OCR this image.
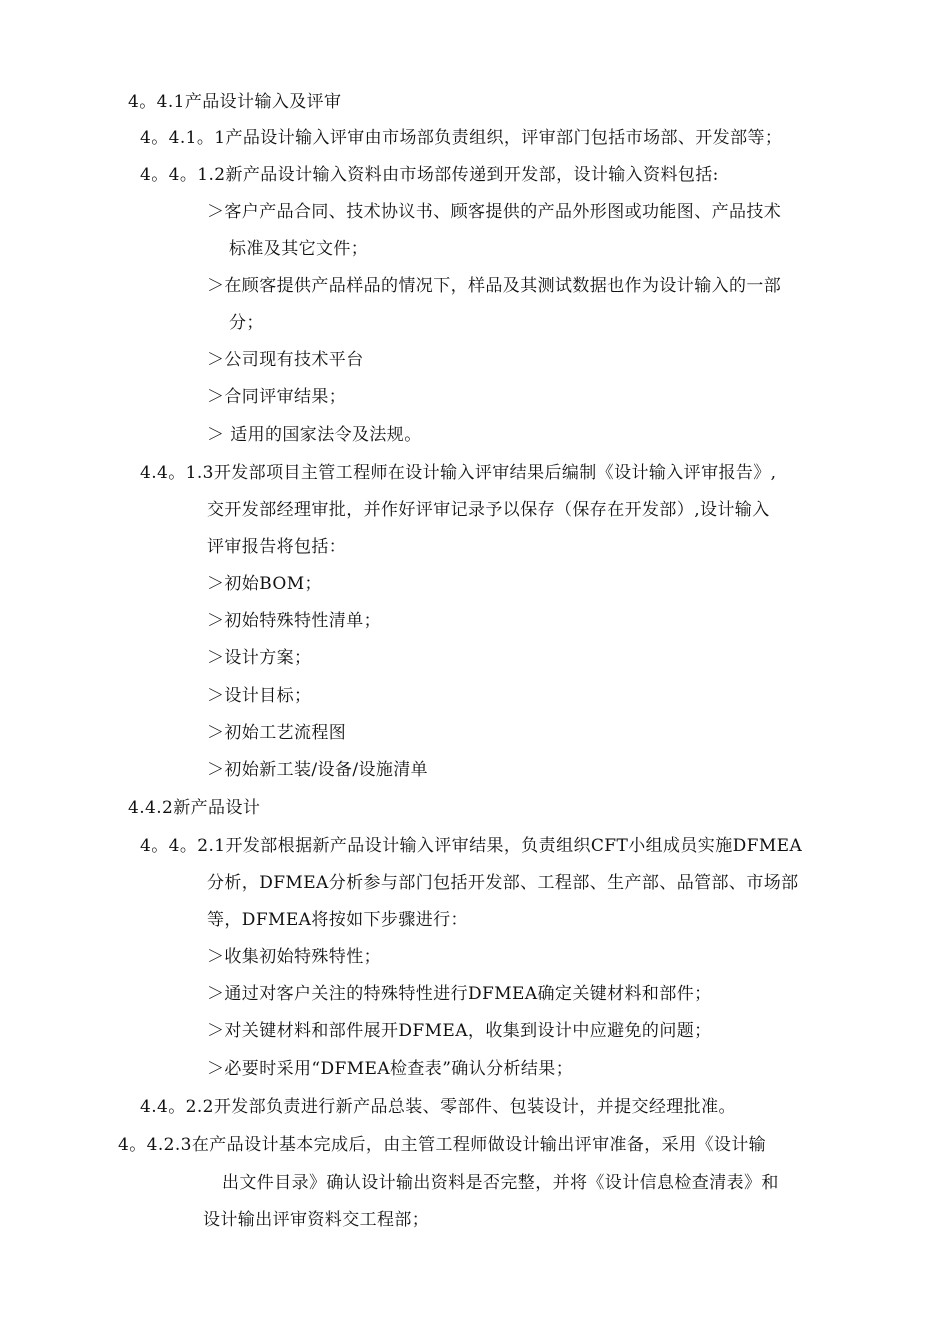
4。4.1产品设计输入及评审
4。4.1。1产品设计输入评审由市场部负责组织，评审部门包括市场部、开发部等；
4。4。1.2新产品设计输入资料由市场部传递到开发部，设计输入资料包括:
＞客户产品合同、技术协议书、顾客提供的产品外形图或功能图、产品技术
标准及其它文件；
＞在顾客提供产品样品的情况下，样品及其测试数据也作为设计输入的一部
分；
＞公司现有技术平台
＞合同评审结果；
＞ 适用的国家法令及法规。
4.4。1.3开发部项目主管工程师在设计输入评审结果后编制《设计输入评审报告》,
交开发部经理审批，并作好评审记录予以保存（保存在开发部）,设计输入
评审报告将包括：
＞初始BOM；
＞初始特殊特性清单；
＞设计方案；
＞设计目标；
＞初始工艺流程图
＞初始新工装/设备/设施清单
4.4.2新产品设计
4。4。2.1开发部根据新产品设计输入评审结果，负责组织CFT小组成员实施DFMEA
分析，DFMEA分析参与部门包括开发部、工程部、生产部、品管部、市场部
等，DFMEA将按如下步骤进行：
＞收集初始特殊特性；
＞通过对客户关注的特殊特性进行DFMEA确定关键材料和部件；
＞对关键材料和部件展开DFMEA，收集到设计中应避免的问题；
＞必要时采用“DFMEA检查表”确认分析结果；
4.4。2.2开发部负责进行新产品总装、零部件、包装设计，并提交经理批准。
4。4.2.3在产品设计基本完成后，由主管工程师做设计输出评审准备，采用《设计输
出文件目录》确认设计输出资料是否完整，并将《设计信息检查清表》和
设计输出评审资料交工程部；
